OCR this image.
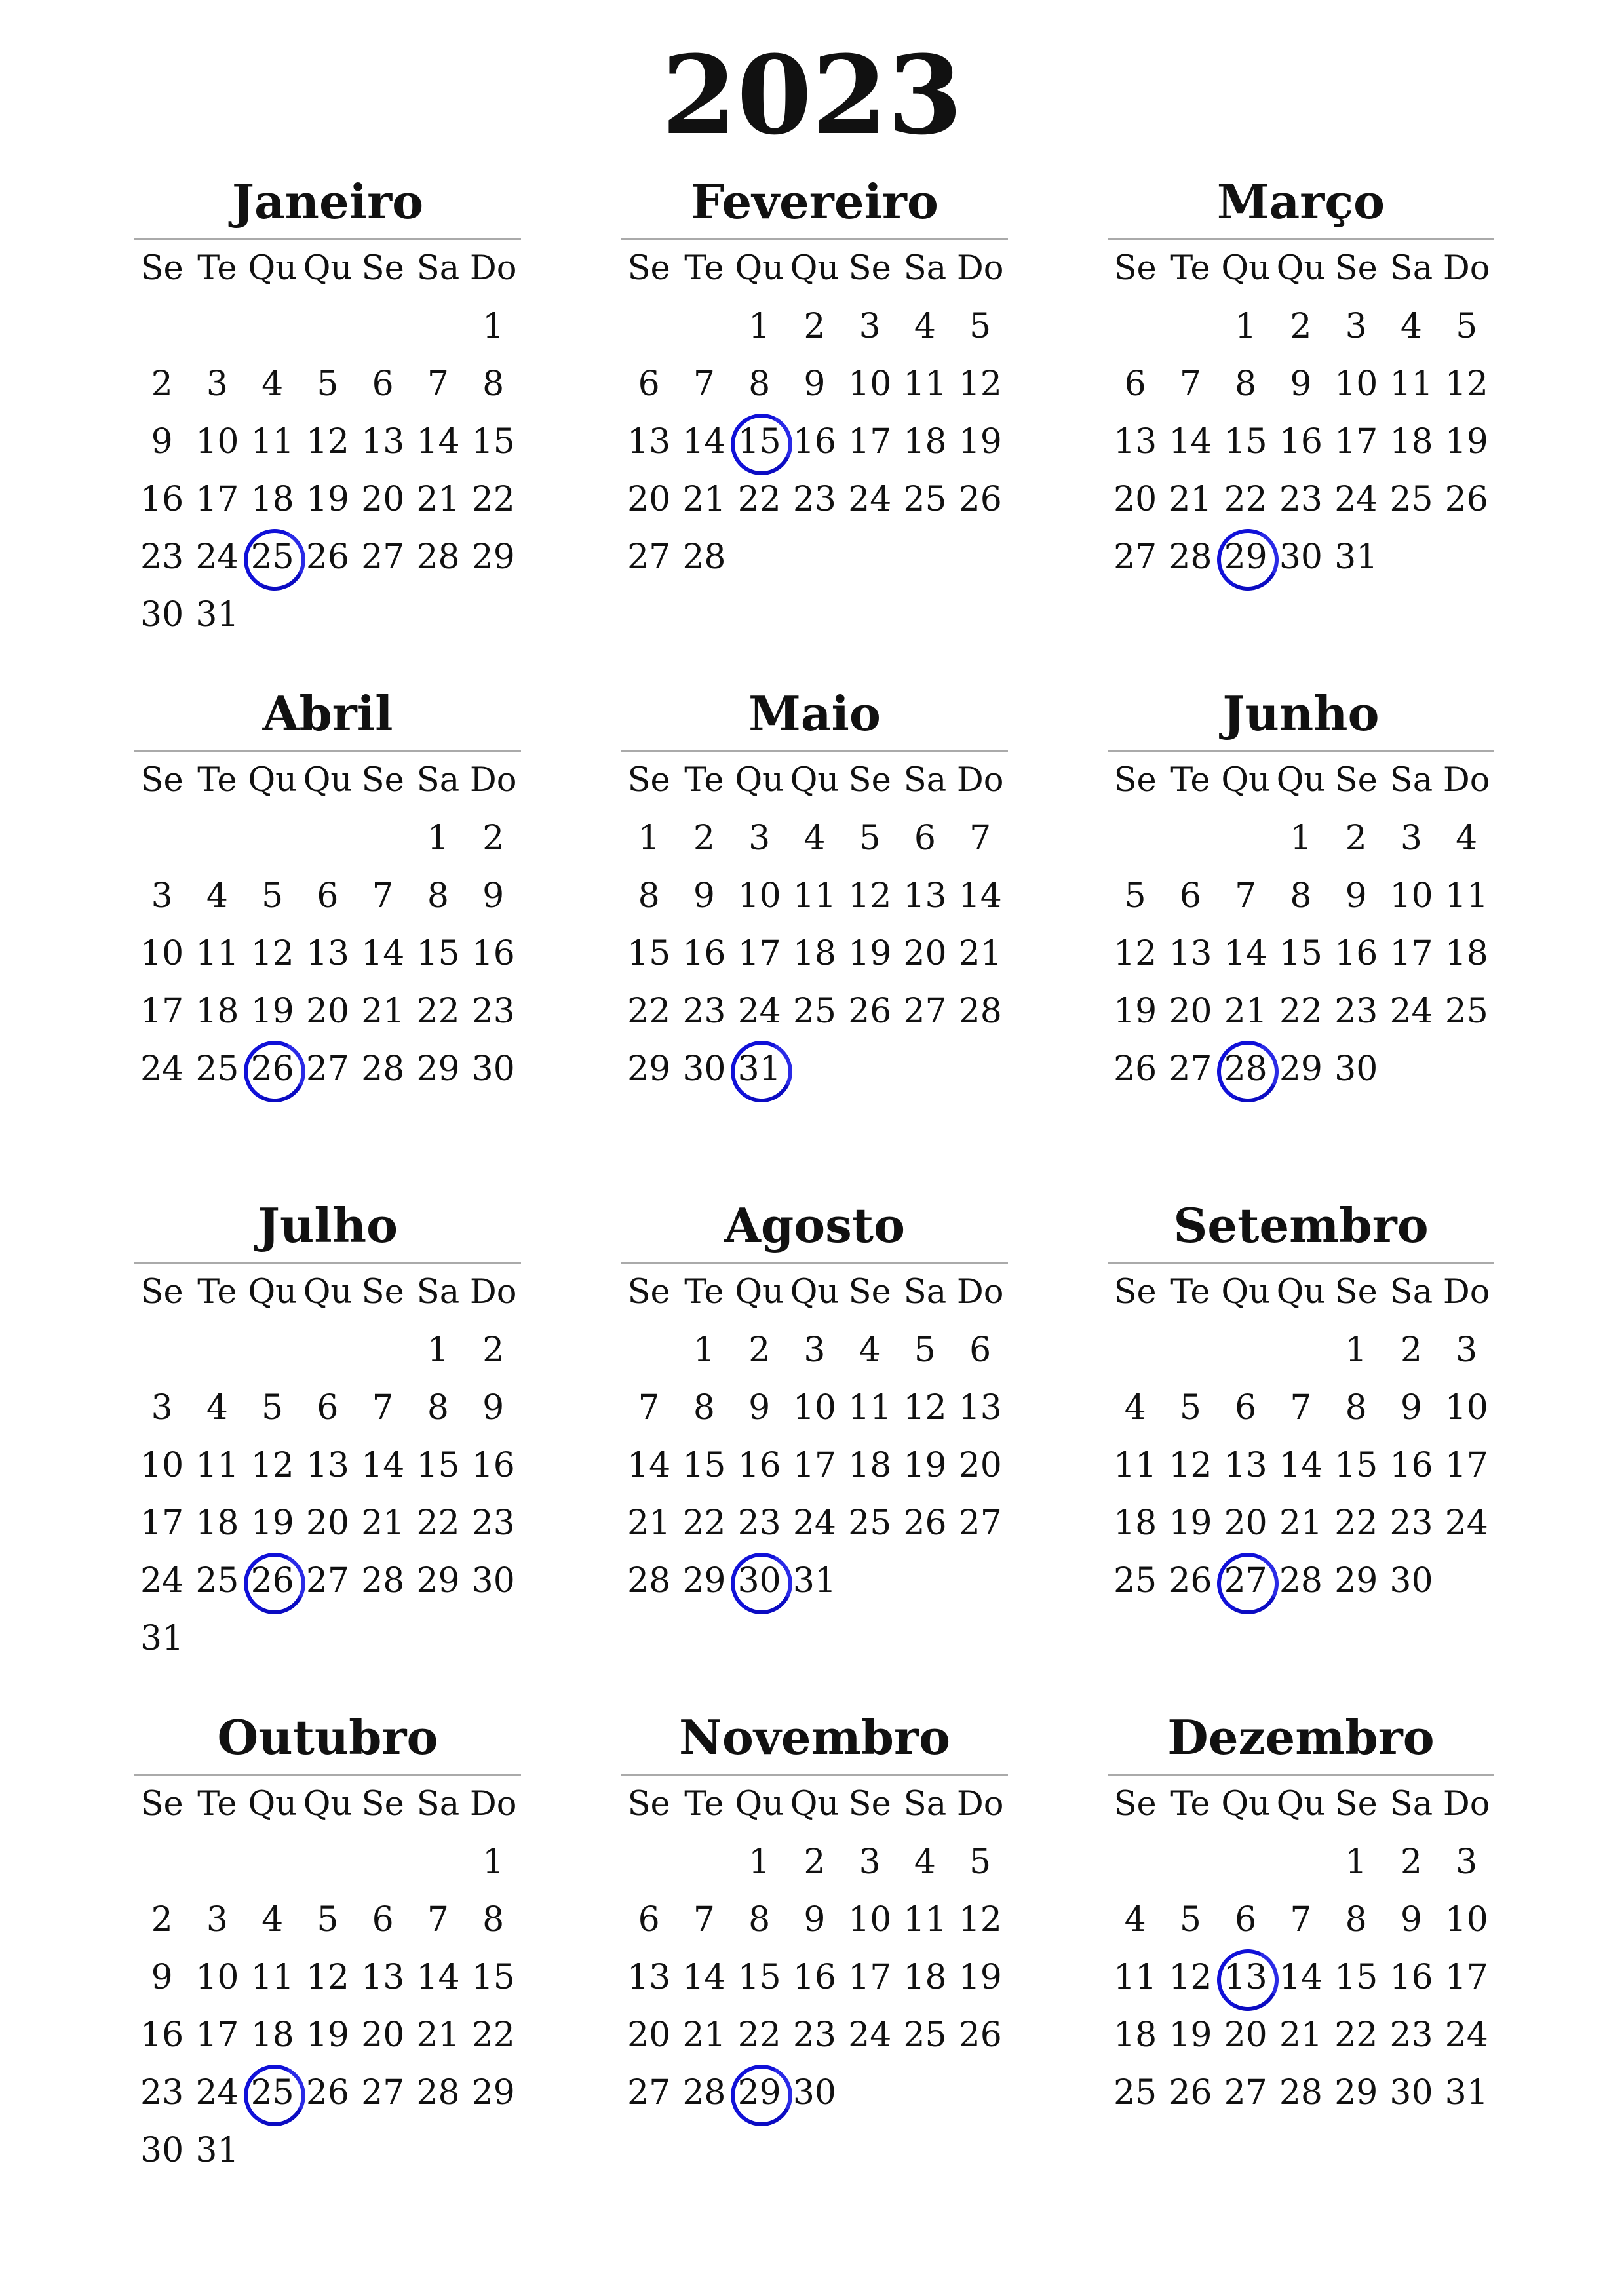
2023
Janeiro
Se Te Qu Qu Se Sa Do
1
2 3 4 5 6 7 8
9 10 11 12 13 14 15
16 17 18 19 20 21 22
23 24 25 26 27 28 29
30 31
Fevereiro
Se Te Qu Qu Se Sa Do
1 2 3 4 5
6 7 8 9 10 11 12
13 14 15 16 17 18 19
20 21 22 23 24 25 26
27 28
Março
Se Te Qu Qu Se Sa Do
1 2 3 4 5
6 7 8 9 10 11 12
13 14 15 16 17 18 19
20 21 22 23 24 25 26
27 28 29 30 31
Abril
Se Te Qu Qu Se Sa Do
1 2
3 4 5 6 7 8 9
10 11 12 13 14 15 16
17 18 19 20 21 22 23
24 25 26 27 28 29 30
Maio
Se Te Qu Qu Se Sa Do
1 2 3 4 5 6 7
8 9 10 11 12 13 14
15 16 17 18 19 20 21
22 23 24 25 26 27 28
29 30 31
Junho
Se Te Qu Qu Se Sa Do
1 2 3 4
5 6 7 8 9 10 11
12 13 14 15 16 17 18
19 20 21 22 23 24 25
26 27 28 29 30
Julho
Se Te Qu Qu Se Sa Do
1 2
3 4 5 6 7 8 9
10 11 12 13 14 15 16
17 18 19 20 21 22 23
24 25 26 27 28 29 30
31
Agosto
Se Te Qu Qu Se Sa Do
1 2 3 4 5 6
7 8 9 10 11 12 13
14 15 16 17 18 19 20
21 22 23 24 25 26 27
28 29 30 31
Setembro
Se Te Qu Qu Se Sa Do
1 2 3
4 5 6 7 8 9 10
11 12 13 14 15 16 17
18 19 20 21 22 23 24
25 26 27 28 29 30
Outubro
Se Te Qu Qu Se Sa Do
1
2 3 4 5 6 7 8
9 10 11 12 13 14 15
16 17 18 19 20 21 22
23 24 25 26 27 28 29
30 31
Novembro
Se Te Qu Qu Se Sa Do
1 2 3 4 5
6 7 8 9 10 11 12
13 14 15 16 17 18 19
20 21 22 23 24 25 26
27 28 29 30
Dezembro
Se Te Qu Qu Se Sa Do
1 2 3
4 5 6 7 8 9 10
11 12 13 14 15 16 17
18 19 20 21 22 23 24
25 26 27 28 29 30 31
